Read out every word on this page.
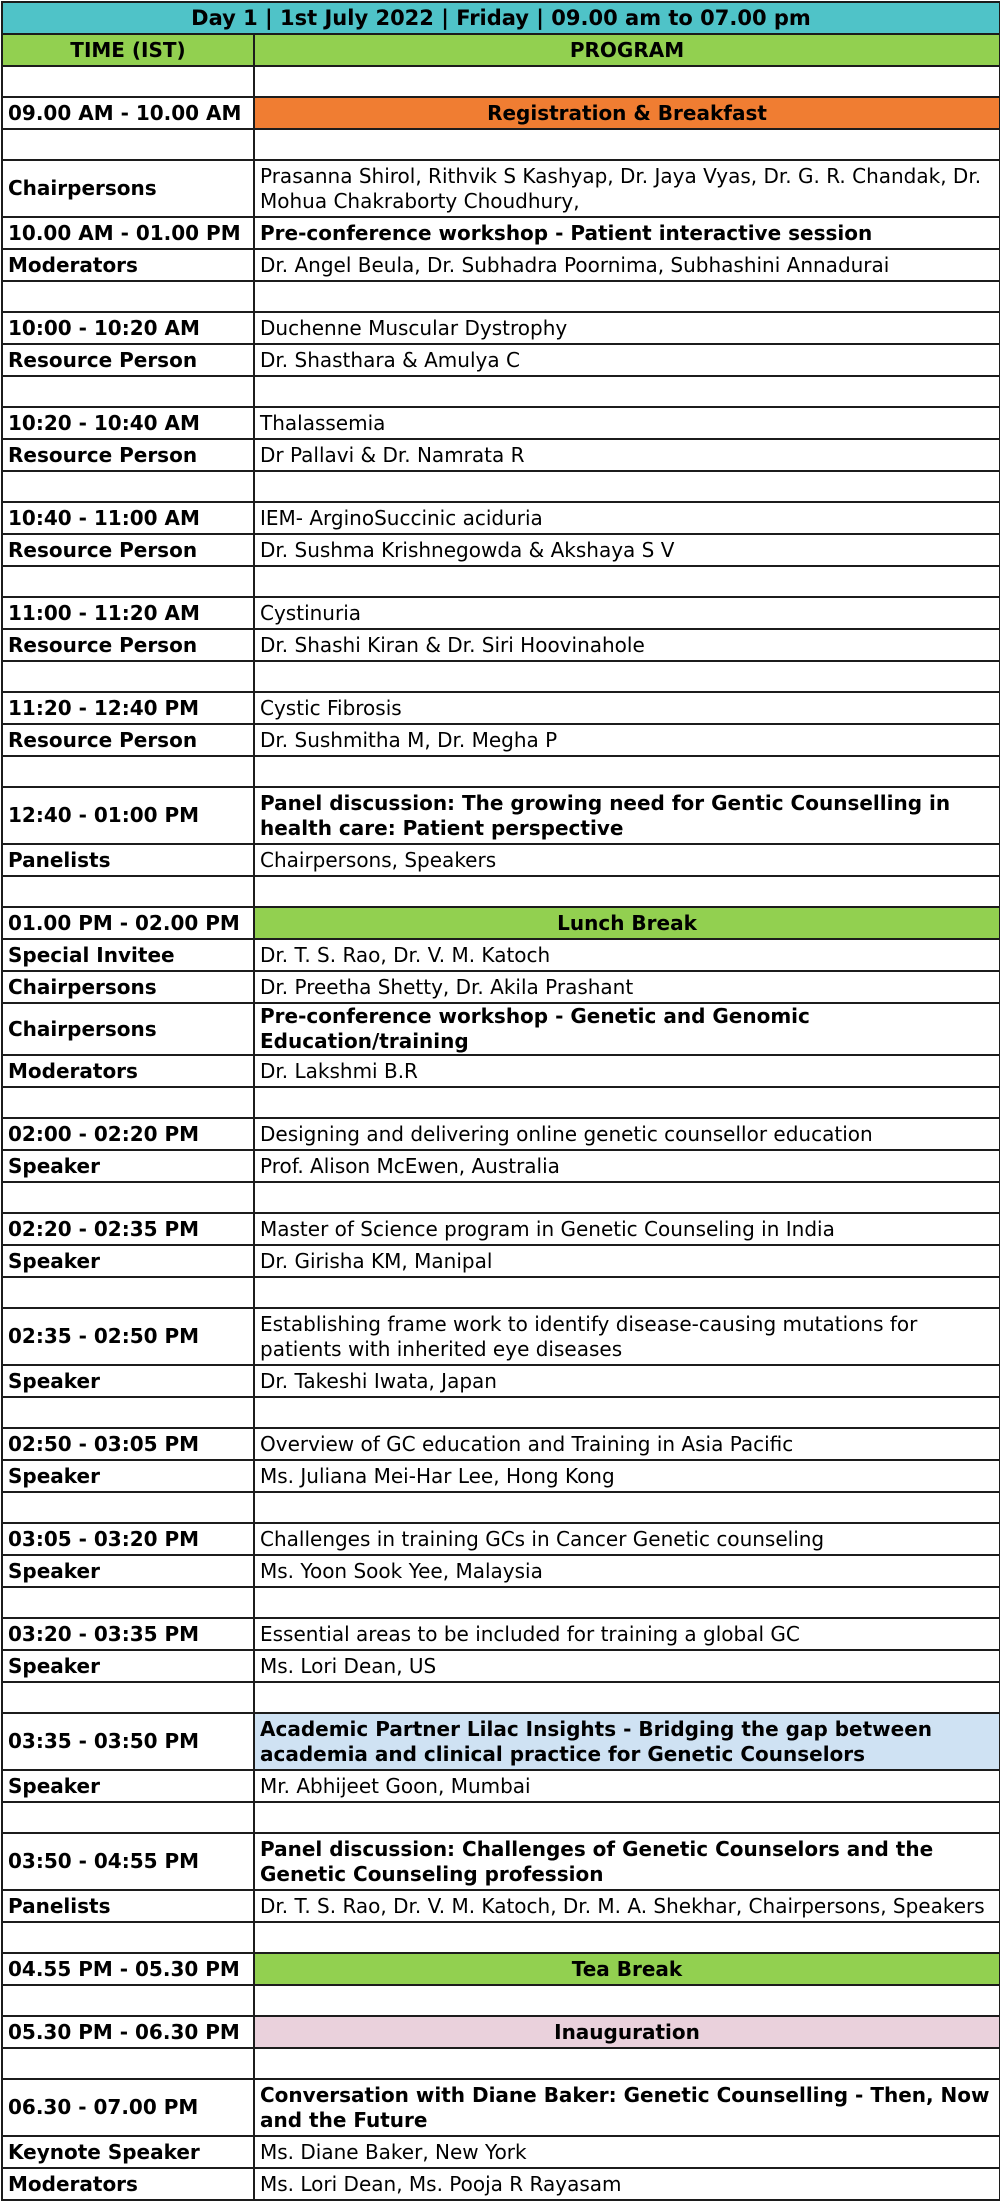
Day 1 | 1st July 2022 | Friday | 09.00 am to 07.00 pm	
TIME (IST)	PROGRAM

09.00 AM - 10.00 AM	Registration & Breakfast

Chairpersons	Prasanna Shirol, Rithvik S Kashyap, Dr. Jaya Vyas, Dr. G. R. Chandak, Dr. Mohua Chakraborty Choudhury,
10.00 AM - 01.00 PM	Pre-conference workshop - Patient interactive session
Moderators	Dr. Angel Beula, Dr. Subhadra Poornima, Subhashini Annadurai

10:00 - 10:20 AM	Duchenne Muscular Dystrophy
Resource Person	Dr. Shasthara & Amulya C

10:20 - 10:40 AM	Thalassemia
Resource Person	Dr Pallavi & Dr. Namrata R

10:40 - 11:00 AM	IEM- ArginoSuccinic aciduria
Resource Person	Dr. Sushma Krishnegowda & Akshaya S V

11:00 - 11:20 AM	Cystinuria
Resource Person	Dr. Shashi Kiran & Dr. Siri Hoovinahole

11:20 - 12:40 PM	Cystic Fibrosis
Resource Person	Dr. Sushmitha M, Dr. Megha P

12:40 - 01:00 PM	Panel discussion: The growing need for Gentic Counselling in health care: Patient perspective
Panelists	Chairpersons, Speakers

01.00 PM - 02.00 PM	Lunch Break
Special Invitee	Dr. T. S. Rao, Dr. V. M. Katoch
Chairpersons	Dr. Preetha Shetty, Dr. Akila Prashant
Chairpersons	Pre-conference workshop - Genetic and Genomic Education/training
Moderators	Dr. Lakshmi B.R

02:00 - 02:20 PM	Designing and delivering online genetic counsellor education
Speaker	Prof. Alison McEwen, Australia

02:20 - 02:35 PM	Master of Science program in Genetic Counseling in India
Speaker	Dr. Girisha KM, Manipal

02:35 - 02:50 PM	Establishing frame work to identify disease-causing mutations for patients with inherited eye diseases
Speaker	Dr. Takeshi Iwata, Japan

02:50 - 03:05 PM	Overview of GC education and Training in Asia Pacific
Speaker	Ms. Juliana Mei-Har Lee, Hong Kong

03:05 - 03:20 PM	Challenges in training GCs in Cancer Genetic counseling
Speaker	Ms. Yoon Sook Yee, Malaysia

03:20 - 03:35 PM	Essential areas to be included for training a global GC
Speaker	Ms. Lori Dean, US

03:35 - 03:50 PM	Academic Partner Lilac Insights - Bridging the gap between academia and clinical practice for Genetic Counselors
Speaker	Mr. Abhijeet Goon, Mumbai

03:50 - 04:55 PM	Panel discussion: Challenges of Genetic Counselors and the Genetic Counseling profession
Panelists	Dr. T. S. Rao, Dr. V. M. Katoch, Dr. M. A. Shekhar, Chairpersons, Speakers

04.55 PM - 05.30 PM	Tea Break

05.30 PM - 06.30 PM	Inauguration

06.30 - 07.00 PM	Conversation with Diane Baker: Genetic Counselling - Then, Now and the Future
Keynote Speaker	Ms. Diane Baker, New York
Moderators	Ms. Lori Dean, Ms. Pooja R Rayasam
